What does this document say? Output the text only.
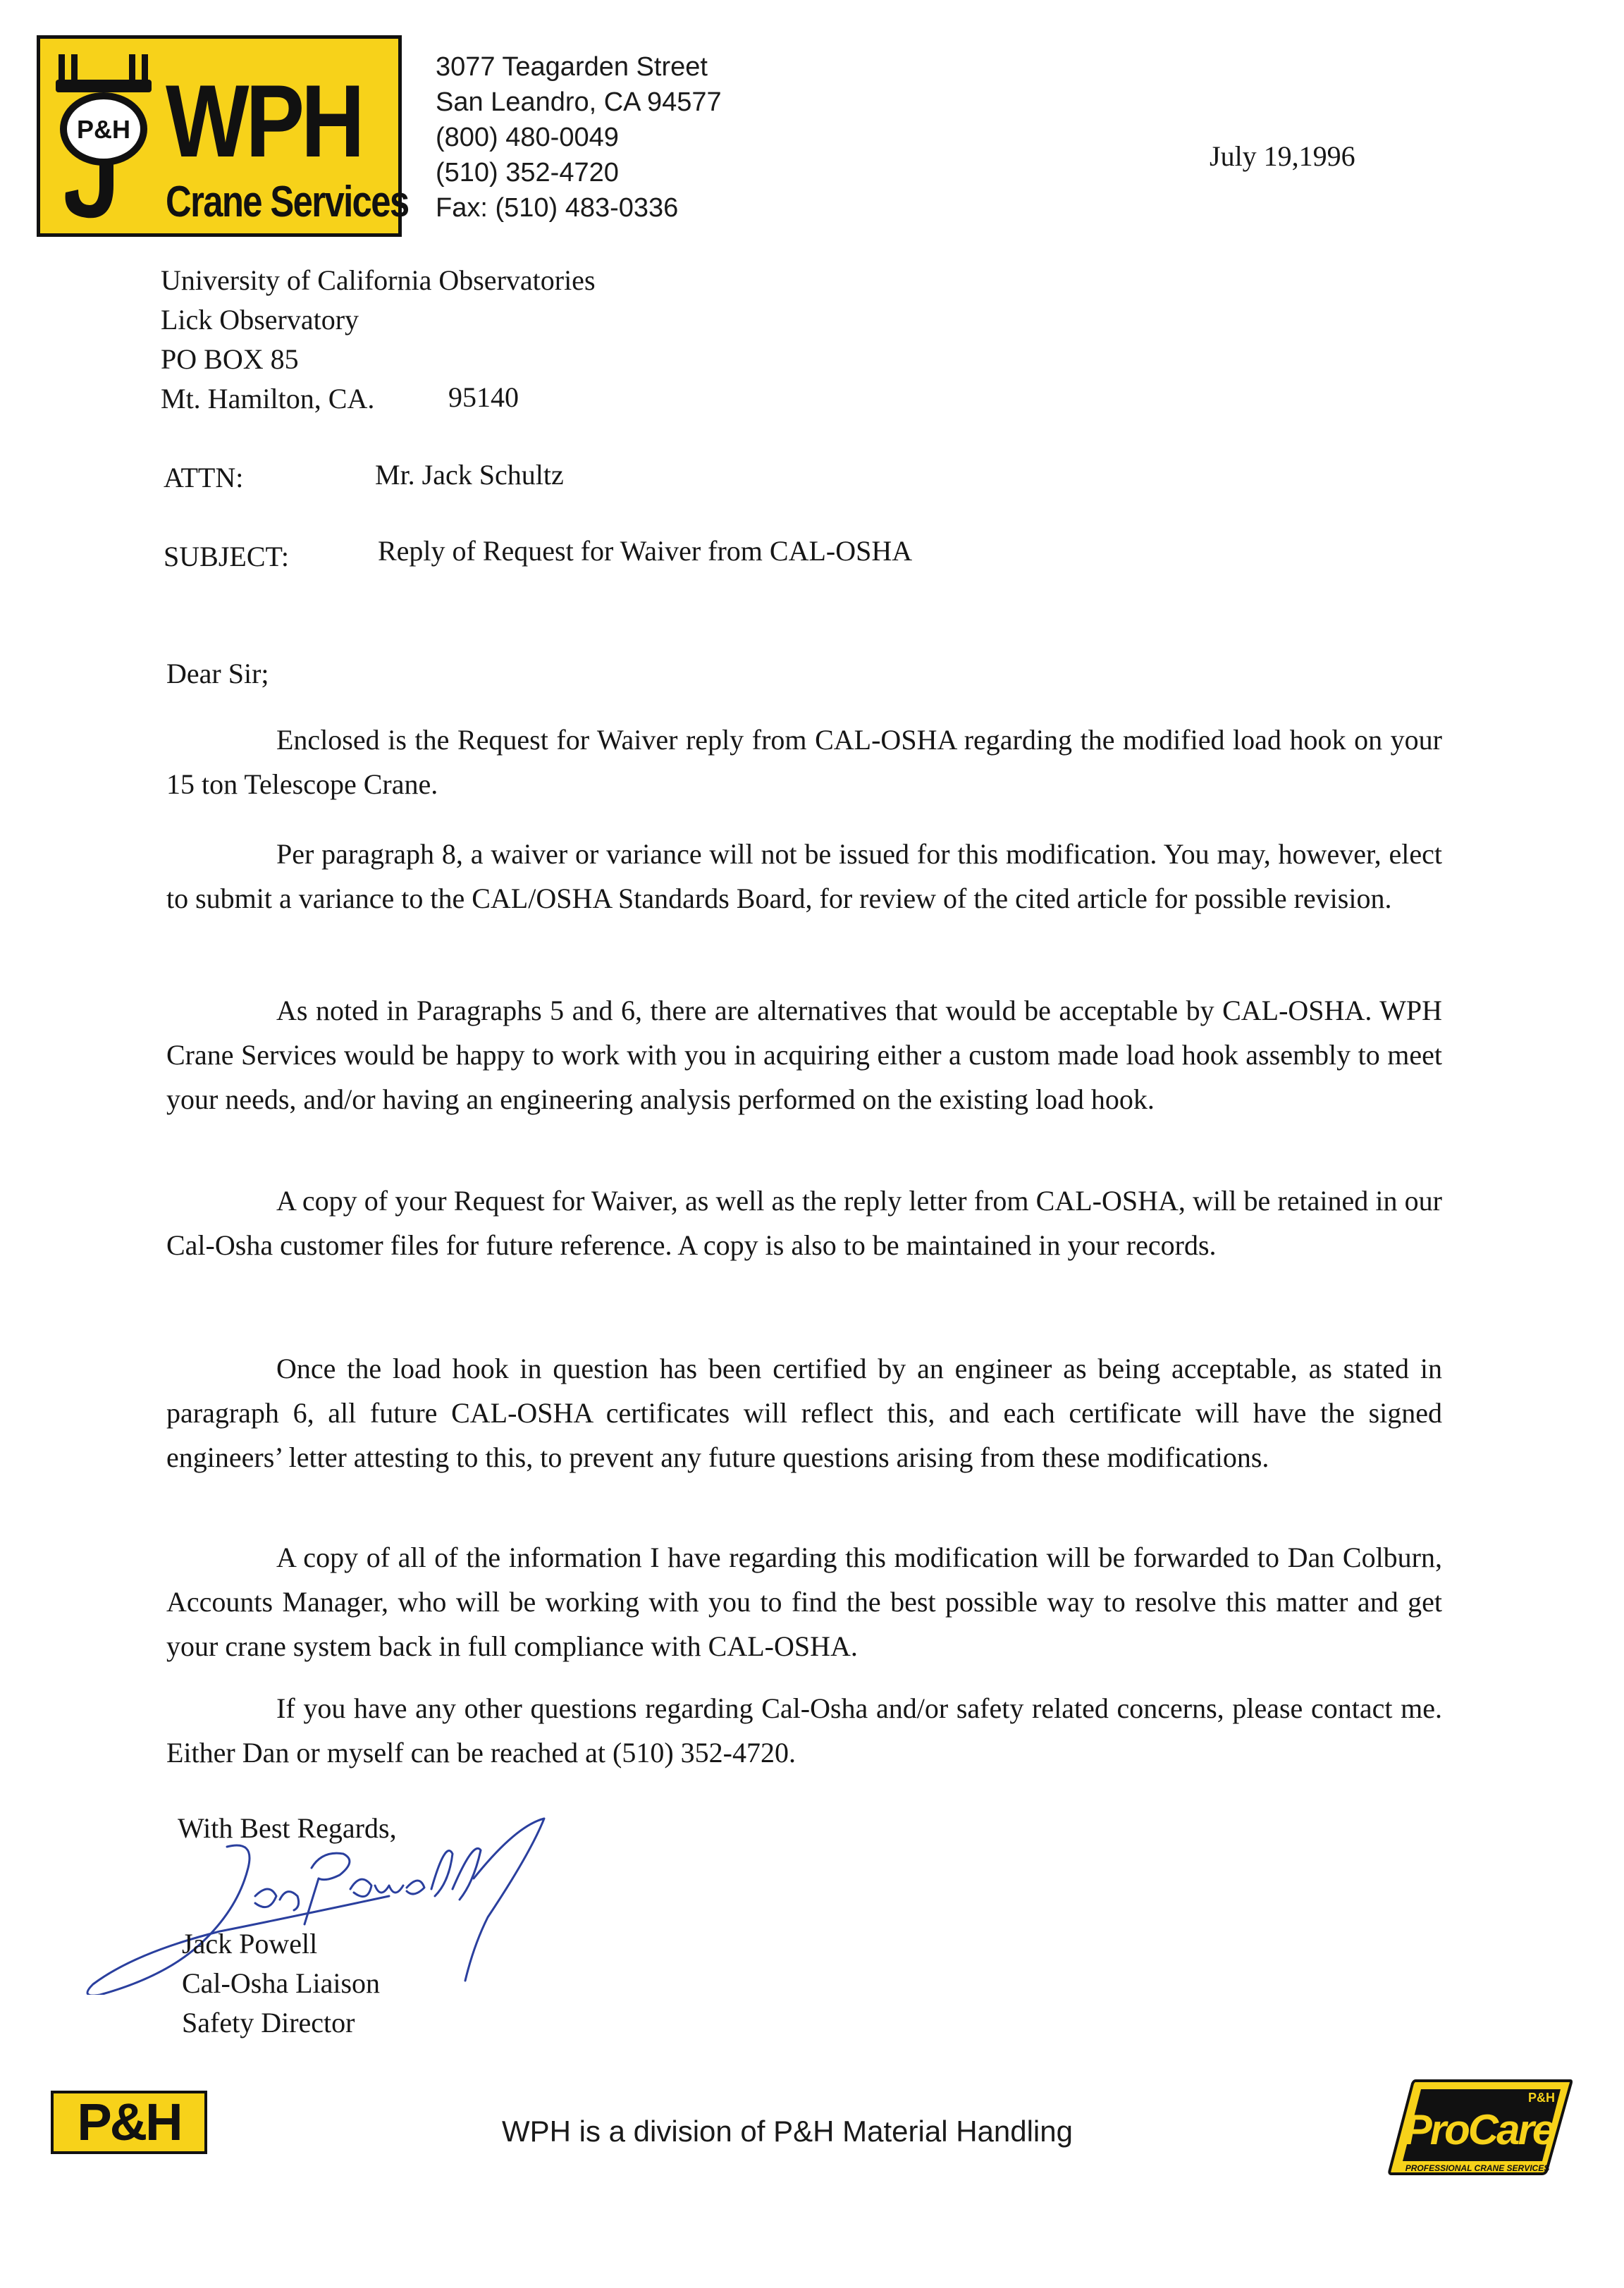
P&H WPH
Crane Services
3077 Teagarden Street
San Leandro, CA 94577
(800) 480-0049
(510) 352-4720
Fax: (510) 483-0336
July 19,1996
University of California Observatories
Lick Observatory
PO BOX 85
Mt. Hamilton, CA.	95140
ATTN:	Mr. Jack Schultz
SUBJECT:	Reply of Request for Waiver from CAL-OSHA
Dear Sir;
Enclosed is the Request for Waiver reply from CAL-OSHA regarding the modified load hook on your 15 ton Telescope Crane.
Per paragraph 8, a waiver or variance will not be issued for this modification. You may, however, elect to submit a variance to the CAL/OSHA Standards Board, for review of the cited article for possible revision.
As noted in Paragraphs 5 and 6, there are alternatives that would be acceptable by CAL-OSHA. WPH Crane Services would be happy to work with you in acquiring either a custom made load hook assembly to meet your needs, and/or having an engineering analysis performed on the existing load hook.
A copy of your Request for Waiver, as well as the reply letter from CAL-OSHA, will be retained in our Cal-Osha customer files for future reference. A copy is also to be maintained in your records.
Once the load hook in question has been certified by an engineer as being acceptable, as stated in paragraph 6, all future CAL-OSHA certificates will reflect this, and each certificate will have the signed engineers’ letter attesting to this, to prevent any future questions arising from these modifications.
A copy of all of the information I have regarding this modification will be forwarded to Dan Colburn, Accounts Manager, who will be working with you to find the best possible way to resolve this matter and get your crane system back in full compliance with CAL-OSHA.
If you have any other questions regarding Cal-Osha and/or safety related concerns, please contact me. Either Dan or myself can be reached at (510) 352-4720.
With Best Regards,
Jack Powell
Cal-Osha Liaison
Safety Director
P&H	WPH is a division of P&H Material Handling
P&H
ProCare
PROFESSIONAL CRANE SERVICES
